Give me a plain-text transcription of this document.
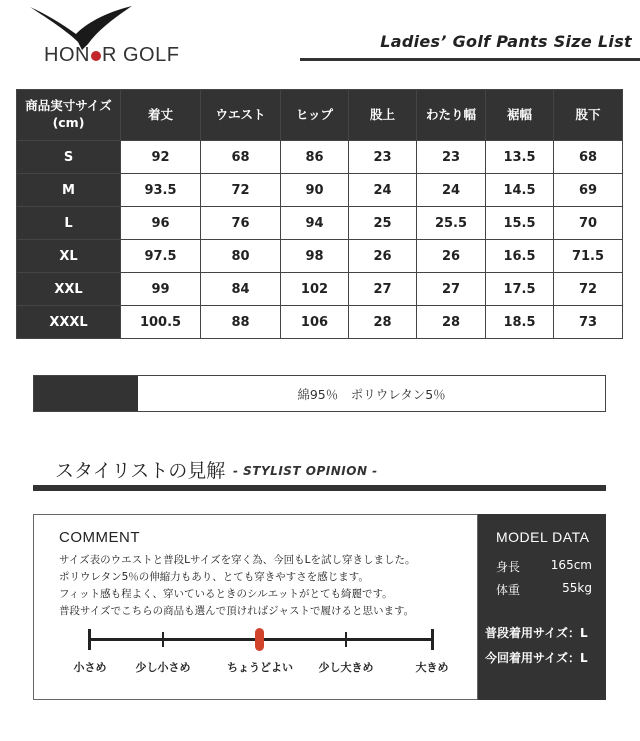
HON R GOLF
Ladies’ Golf Pants Size List
商品実寸サイズ
(cm)	着丈	ウエスト	ヒップ	股上	わたり幅	裾幅	股下
S	92	68	86	23	23	13.5	68
M	93.5	72	90	24	24	14.5	69
L	96	76	94	25	25.5	15.5	70
XL	97.5	80	98	26	26	16.5	71.5
XXL	99	84	102	27	27	17.5	72
XXXL	100.5	88	106	28	28	18.5	73
綿95％　ポリウレタン5％
スタイリストの見解 - STYLIST OPINION -
COMMENT
サイズ表のウエストと普段Lサイズを穿く為、今回もLを試し穿きしました。
ポリウレタン5％の伸縮力もあり、とても穿きやすさを感じます。
フィット感も程よく、穿いているときのシルエットがとても綺麗です。
普段サイズでこちらの商品も選んで頂ければジャストで履けると思います。
小さめ	少し小さめ	ちょうどよい 少し大きめ	大きめ
MODEL DATA
身長	165cm
体重	55kg
普段着用サイズ：L
今回着用サイズ：L
